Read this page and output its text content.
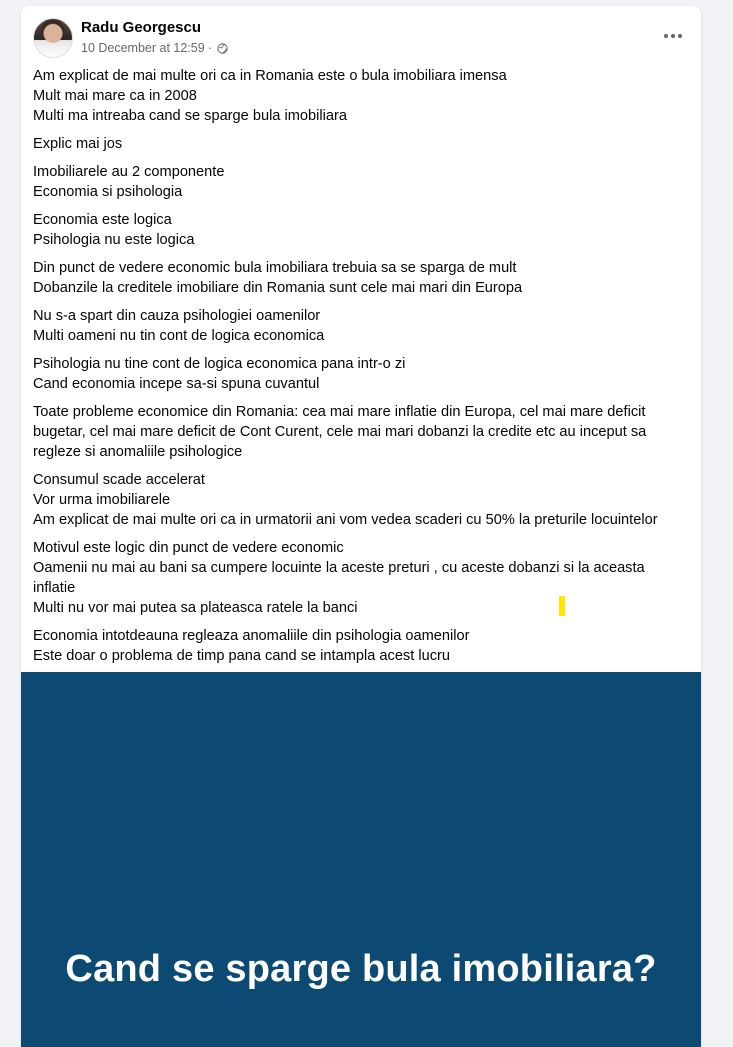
Radu Georgescu
10 December at 12:59 ·
Am explicat de mai multe ori ca in Romania este o bula imobiliara imensa
Mult mai mare ca in 2008
Multi ma intreaba cand se sparge bula imobiliara
Explic mai jos
Imobiliarele au 2 componente
Economia si psihologia
Economia este logica
Psihologia nu este logica
Din punct de vedere economic bula imobiliara trebuia sa se sparga de mult
Dobanzile la creditele imobiliare din Romania sunt cele mai mari din Europa
Nu s-a spart din cauza psihologiei oamenilor
Multi oameni nu tin cont de logica economica
Psihologia nu tine cont de logica economica pana intr-o zi
Cand economia incepe sa-si spuna cuvantul
Toate probleme economice din Romania: cea mai mare inflatie din Europa, cel mai mare deficit bugetar, cel mai mare deficit de Cont Curent, cele mai mari dobanzi la credite etc au inceput sa regleze si anomaliile psihologice
Consumul scade accelerat
Vor urma imobiliarele
Am explicat de mai multe ori ca in urmatorii ani vom vedea scaderi cu 50% la preturile locuintelor
Motivul este logic din punct de vedere economic
Oamenii nu mai au bani sa cumpere locuinte la aceste preturi , cu aceste dobanzi si la aceasta inflatie
Multi nu vor mai putea sa plateasca ratele la banci
Economia intotdeauna regleaza anomaliile din psihologia oamenilor
Este doar o problema de timp pana cand se intampla acest lucru
Cand se sparge bula imobiliara?
